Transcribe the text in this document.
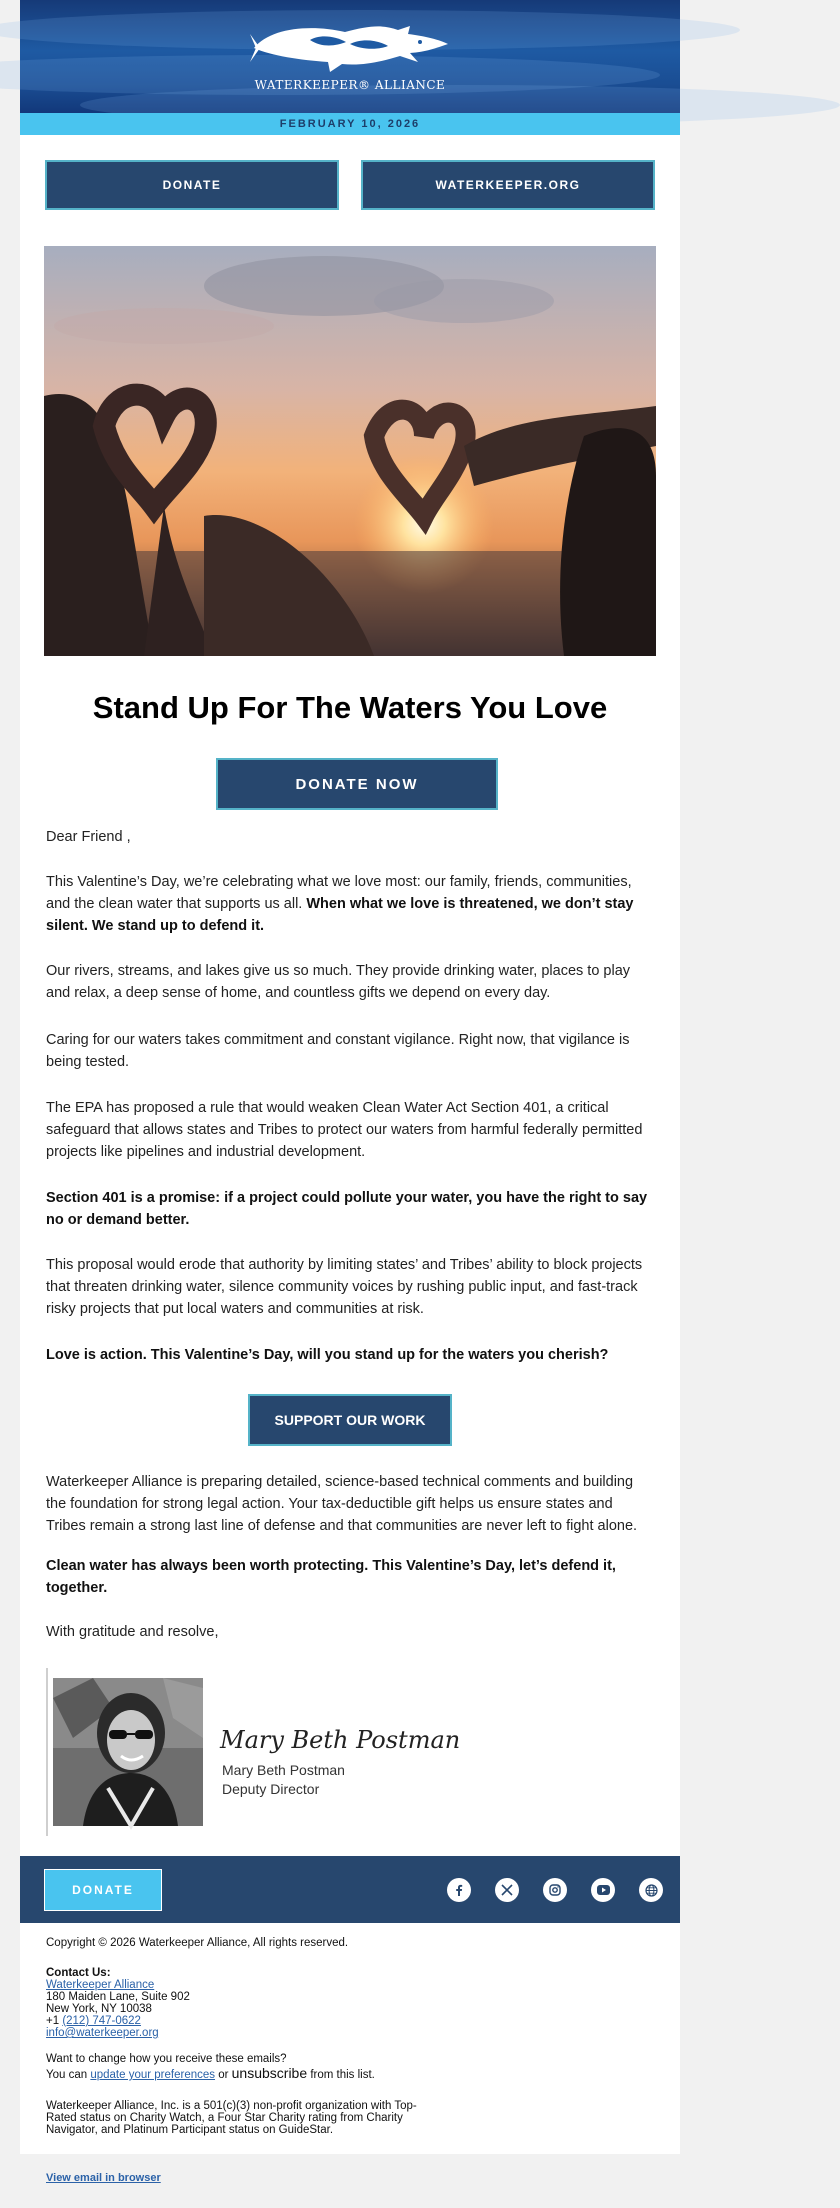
WATERKEEPER® ALLIANCE
FEBRUARY 10, 2026
DONATE	WATERKEEPER.ORG
Stand Up For The Waters You Love
DONATE NOW
Dear Friend ,
This Valentine’s Day, we’re celebrating what we love most: our family, friends, communities, and the clean water that supports us all. When what we love is threatened, we don’t stay silent. We stand up to defend it.
Our rivers, streams, and lakes give us so much. They provide drinking water, places to play and relax, a deep sense of home, and countless gifts we depend on every day.
Caring for our waters takes commitment and constant vigilance. Right now, that vigilance is being tested.
The EPA has proposed a rule that would weaken Clean Water Act Section 401, a critical safeguard that allows states and Tribes to protect our waters from harmful federally permitted projects like pipelines and industrial development.
Section 401 is a promise: if a project could pollute your water, you have the right to say no or demand better.
This proposal would erode that authority by limiting states’ and Tribes’ ability to block projects that threaten drinking water, silence community voices by rushing public input, and fast-track risky projects that put local waters and communities at risk.
Love is action. This Valentine’s Day, will you stand up for the waters you cherish?
SUPPORT OUR WORK
Waterkeeper Alliance is preparing detailed, science-based technical comments and building the foundation for strong legal action. Your tax-deductible gift helps us ensure states and Tribes remain a strong last line of defense and that communities are never left to fight alone.
Clean water has always been worth protecting. This Valentine’s Day, let’s defend it, together.
With gratitude and resolve,
Mary Beth Postman
Mary Beth Postman
Deputy Director
DONATE
Copyright © 2026 Waterkeeper Alliance, All rights reserved.
Contact Us:
Waterkeeper Alliance
180 Maiden Lane, Suite 902
New York, NY 10038
+1 (212) 747-0622
info@waterkeeper.org
Want to change how you receive these emails?
You can update your preferences or unsubscribe from this list.
Waterkeeper Alliance, Inc. is a 501(c)(3) non-profit organization with Top-Rated status on Charity Watch, a Four Star Charity rating from Charity Navigator, and Platinum Participant status on GuideStar.
View email in browser
